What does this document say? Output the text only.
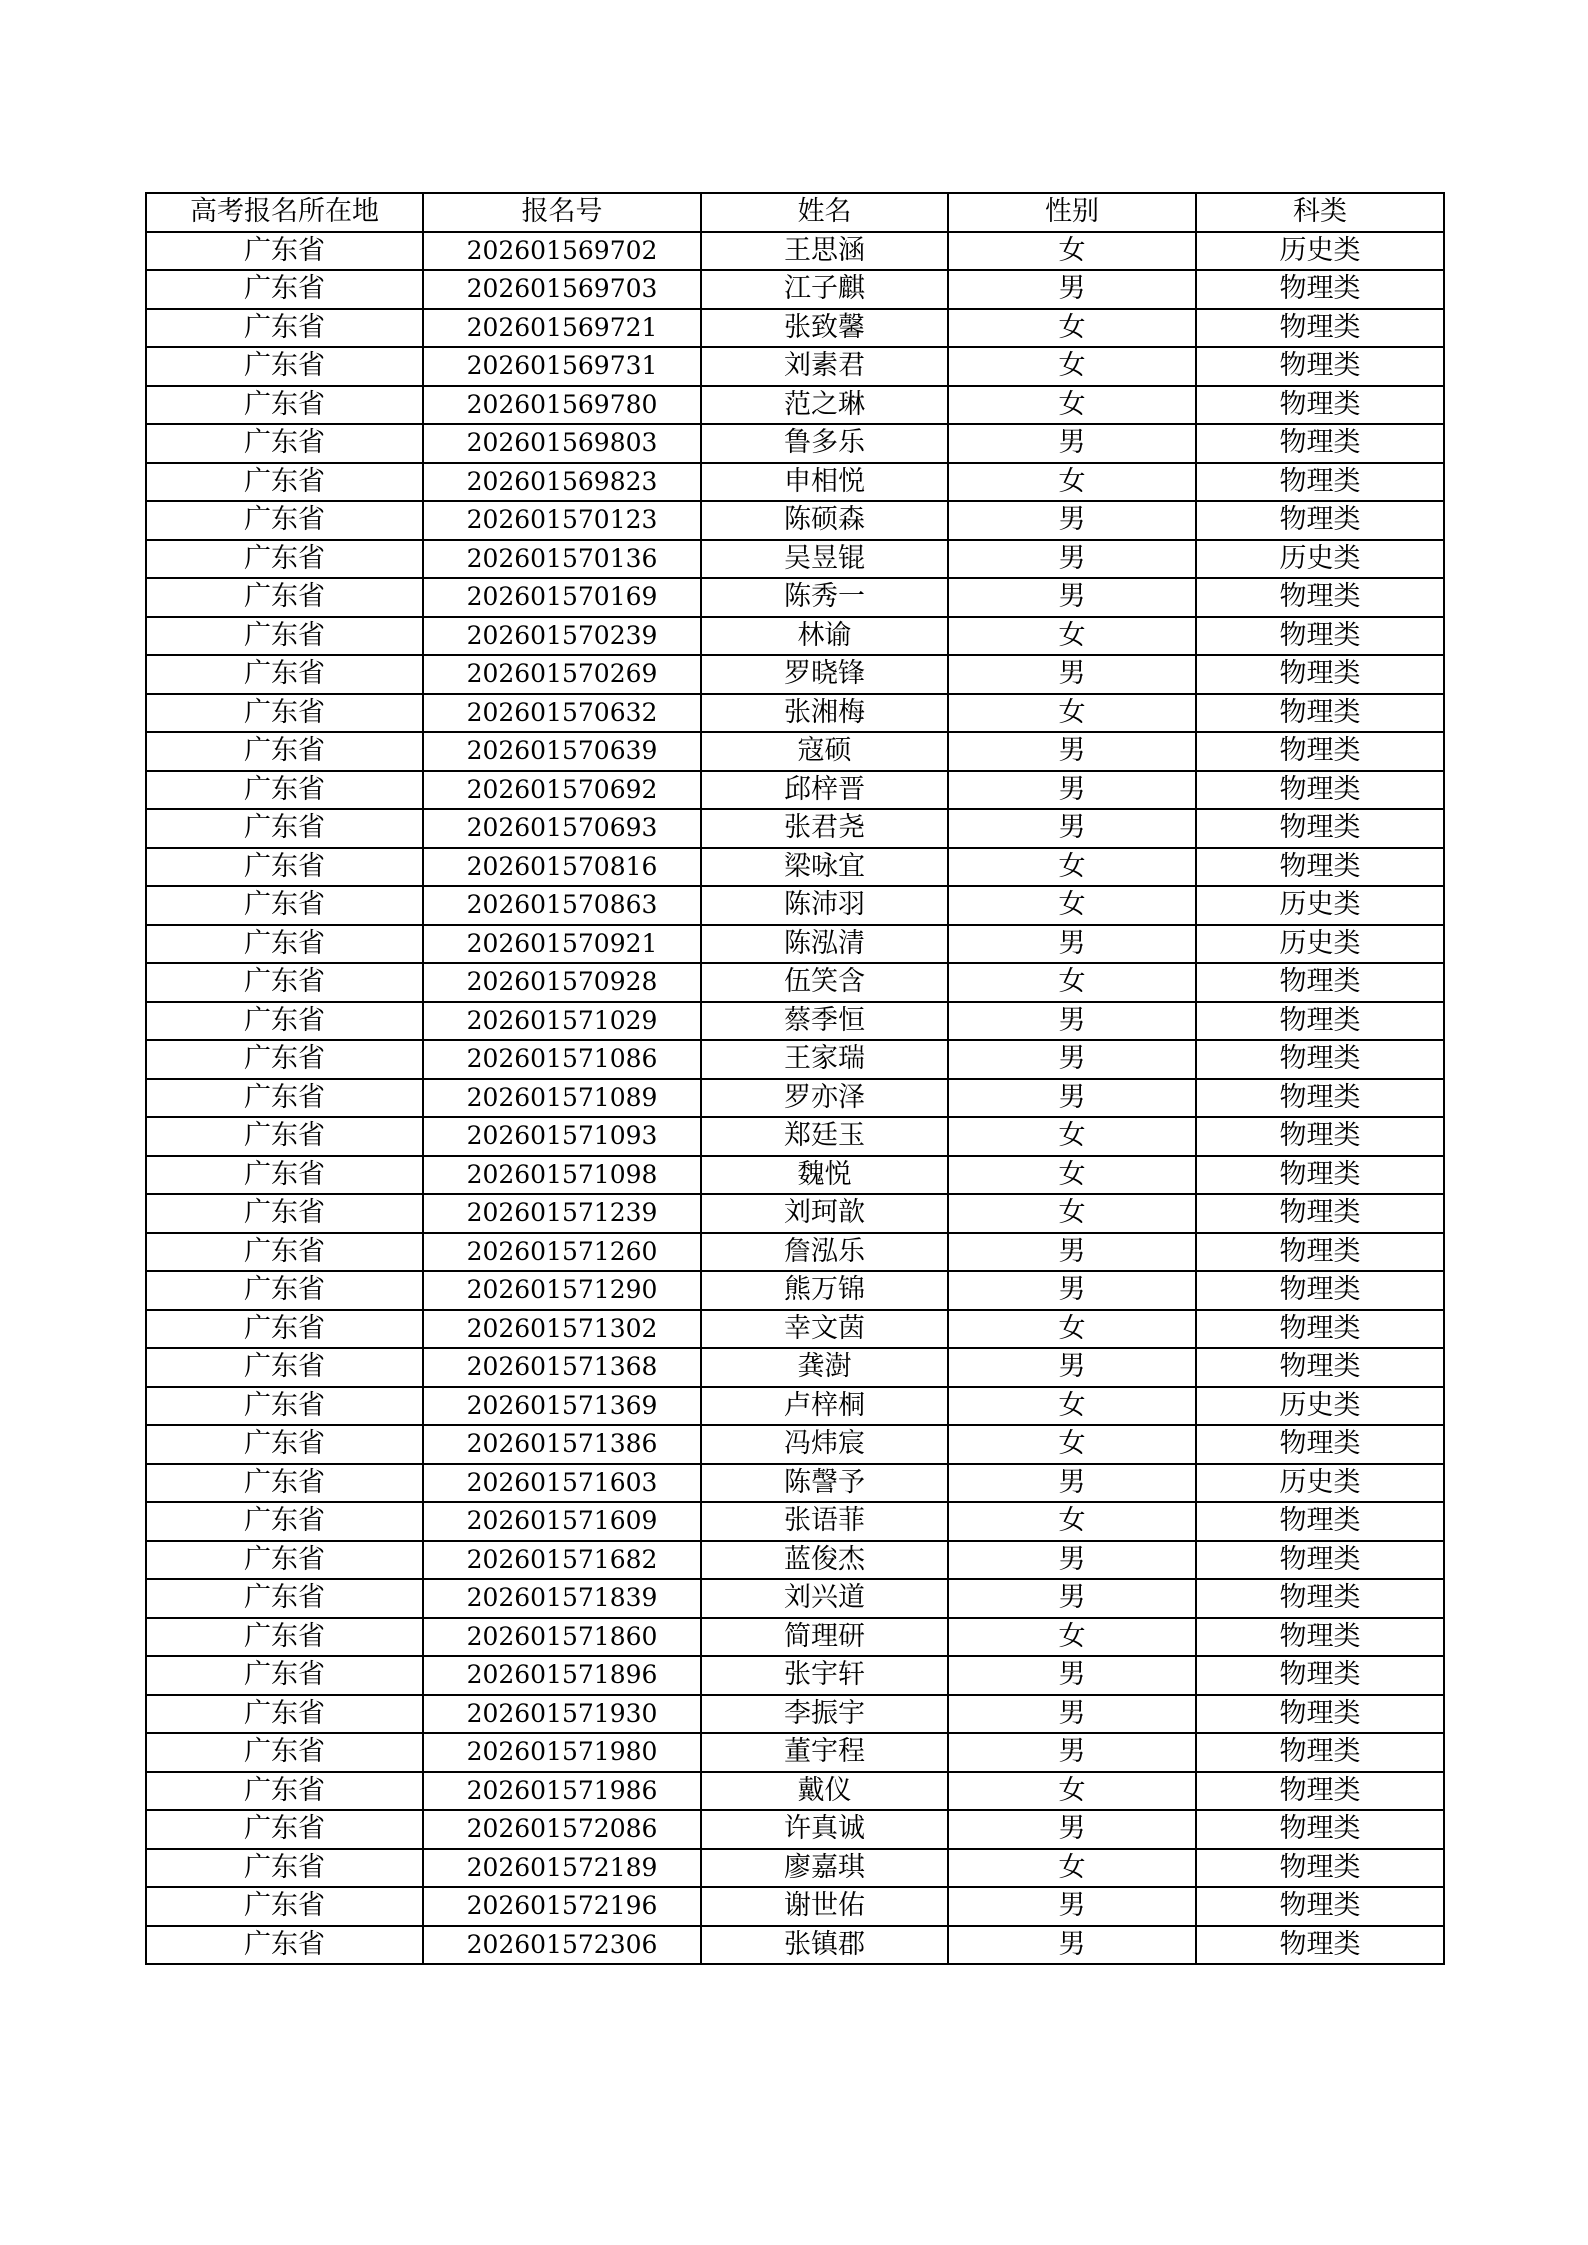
高考报名所在地	报名号	姓名	性别	科类
广东省	202601569702	王思涵	女	历史类
广东省	202601569703	江子麒	男	物理类
广东省	202601569721	张致馨	女	物理类
广东省	202601569731	刘素君	女	物理类
广东省	202601569780	范之琳	女	物理类
广东省	202601569803	鲁多乐	男	物理类
广东省	202601569823	申相悦	女	物理类
广东省	202601570123	陈硕森	男	物理类
广东省	202601570136	吴昱锟	男	历史类
广东省	202601570169	陈秀一	男	物理类
广东省	202601570239	林谕	女	物理类
广东省	202601570269	罗晓锋	男	物理类
广东省	202601570632	张湘梅	女	物理类
广东省	202601570639	寇硕	男	物理类
广东省	202601570692	邱梓晋	男	物理类
广东省	202601570693	张君尧	男	物理类
广东省	202601570816	梁咏宜	女	物理类
广东省	202601570863	陈沛羽	女	历史类
广东省	202601570921	陈泓清	男	历史类
广东省	202601570928	伍笑含	女	物理类
广东省	202601571029	蔡季恒	男	物理类
广东省	202601571086	王家瑞	男	物理类
广东省	202601571089	罗亦泽	男	物理类
广东省	202601571093	郑廷玉	女	物理类
广东省	202601571098	魏悦	女	物理类
广东省	202601571239	刘珂歆	女	物理类
广东省	202601571260	詹泓乐	男	物理类
广东省	202601571290	熊万锦	男	物理类
广东省	202601571302	幸文茵	女	物理类
广东省	202601571368	龚澍	男	物理类
广东省	202601571369	卢梓桐	女	历史类
广东省	202601571386	冯炜宸	女	物理类
广东省	202601571603	陈謦予	男	历史类
广东省	202601571609	张语菲	女	物理类
广东省	202601571682	蓝俊杰	男	物理类
广东省	202601571839	刘兴道	男	物理类
广东省	202601571860	简理研	女	物理类
广东省	202601571896	张宇轩	男	物理类
广东省	202601571930	李振宇	男	物理类
广东省	202601571980	董宇程	男	物理类
广东省	202601571986	戴仪	女	物理类
广东省	202601572086	许真诚	男	物理类
广东省	202601572189	廖嘉琪	女	物理类
广东省	202601572196	谢世佑	男	物理类
广东省	202601572306	张镇郡	男	物理类
